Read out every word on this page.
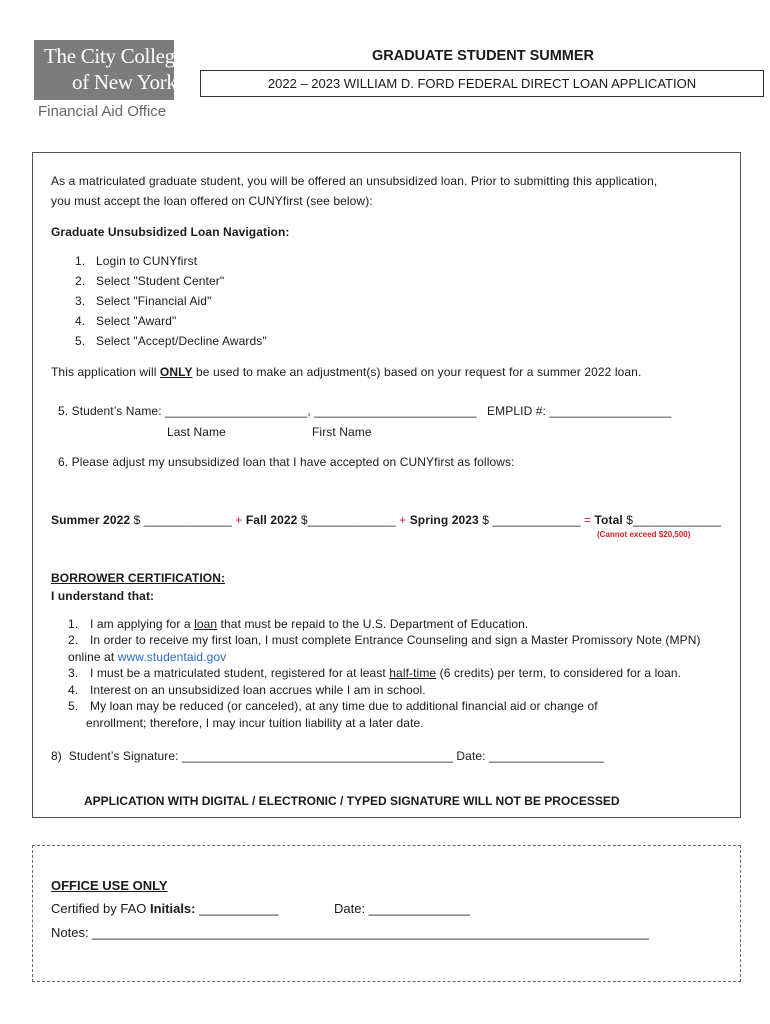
The City College
of New York
Financial Aid Office
GRADUATE STUDENT SUMMER
2022 – 2023 WILLIAM D. FORD FEDERAL DIRECT LOAN APPLICATION
As a matriculated graduate student, you will be offered an unsubsidized loan. Prior to submitting this application,
you must accept the loan offered on CUNYfirst (see below):
Graduate Unsubsidized Loan Navigation:
1. Login to CUNYfirst
2. Select "Student Center"
3. Select "Financial Aid"
4. Select "Award"
5. Select "Accept/Decline Awards"
This application will ONLY be used to make an adjustment(s) based on your request for a summer 2022 loan.
5. Student’s Name: _____________________, ________________________   EMPLID #: __________________
Last Name	First Name
6. Please adjust my unsubsidized loan that I have accepted on CUNYfirst as follows:
Summer 2022 $ _____________ + Fall 2022 $_____________ + Spring 2023 $ _____________ = Total $_____________
(Cannot exceed $20,500)
BORROWER CERTIFICATION:
I understand that:
1. I am applying for a loan that must be repaid to the U.S. Department of Education.
2. In order to receive my first loan, I must complete Entrance Counseling and sign a Master Promissory Note (MPN)
online at www.studentaid.gov
3. I must be a matriculated student, registered for at least half-time (6 credits) per term, to considered for a loan.
4. Interest on an unsubsidized loan accrues while I am in school.
5. My loan may be reduced (or canceled), at any time due to additional financial aid or change of
enrollment; therefore, I may incur tuition liability at a later date.
8)  Student’s Signature: ________________________________________ Date: _________________
APPLICATION WITH DIGITAL / ELECTRONIC / TYPED SIGNATURE WILL NOT BE PROCESSED
OFFICE USE ONLY
Certified by FAO Initials: ___________	Date: ______________
Notes: _____________________________________________________________________________
